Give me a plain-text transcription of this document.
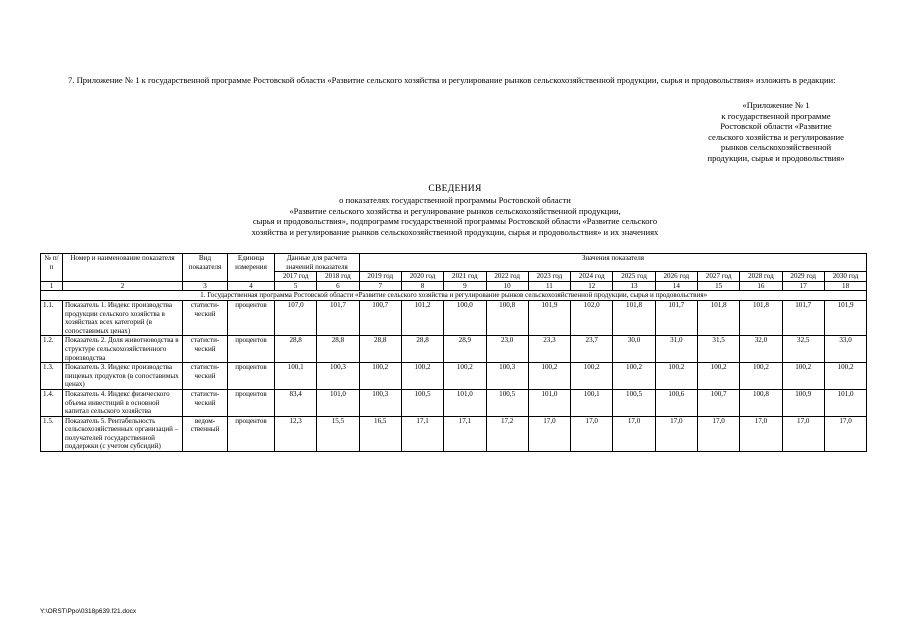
7. Приложение № 1 к государственной программе Ростовской области «Развитие сельского хозяйства и регулирование рынков сельскохозяйственной продукции, сырья и продовольствия» изложить в редакции:

«Приложение № 1
к государственной программе
Ростовской области «Развитие
сельского хозяйства и регулирование
рынков сельскохозяйственной
продукции, сырья и продовольствия»
СВЕДЕНИЯ
о показателях государственной программы Ростовской области
«Развитие сельского хозяйства и регулирование рынков сельскохозяйственной продукции,
сырья и продовольствия», подпрограмм государственной программы Ростовской области «Развитие сельского
хозяйства и регулирование рынков сельскохозяйственной продукции, сырья и продовольствия» и их значениях
№ п/п	Номер и наименование показателя	Вид показателя	Единица измерения	Данные для расчета значений показателя		Значения показателя											
				2017 год	2018 год	2019 год	2020 год	2021 год	2022 год	2023 год	2024 год	2025 год	2026 год	2027 год	2028 год	2029 год	2030 год
1	2	3	4	5	6	7	8	9	10	11	12	13	14	15	16	17	18
1. Государственная программа Ростовской области «Развитие сельского хозяйства и регулирование рынков сельскохозяйственной продукции, сырья и продовольствия»																	
1.1.	Показатель 1. Индекс производства продукции сельского хозяйства в хозяйствах всех категорий (в сопоставимых ценах)	статисти-ческий	процентов	107,0	101,7	100,7	101,2	100,0	100,8	101,9	102,0	101,8	101,7	101,8	101,8	101,7	101,9
1.2.	Показатель 2. Доля животноводства в структуре сельскохозяйственного производства	статисти-ческий	процентов	28,8	28,8	28,8	28,8	28,9	23,0	23,3	23,7	30,0	31,0	31,5	32,0	32,5	33,0
1.3.	Показатель 3. Индекс производства пищевых продуктов (в сопоставимых ценах)	статисти-ческий	процентов	100,1	100,3	100,2	100,2	100,2	100,3	100,2	100,2	100,2	100,2	100,2	100,2	100,2	100,2
1.4.	Показатель 4. Индекс физического объема инвестиций в основной капитал сельского хозяйства	статисти-ческий	процентов	83,4	101,0	100,3	100,5	101,0	100,5	101,0	100,1	100,5	100,6	100,7	100,8	100,9	101,0
1.5.	Показатель 5. Рентабельность сельскохозяйственных организаций – получателей государственной поддержки (с учетом субсидий)	ведом-ственный	процентов	12,3	15,5	16,5	17,1	17,1	17,2	17,0	17,0	17,0	17,0	17,0	17,0	17,0	17,0
Y:\ORST\Ppo\0318p639.f21.docx
